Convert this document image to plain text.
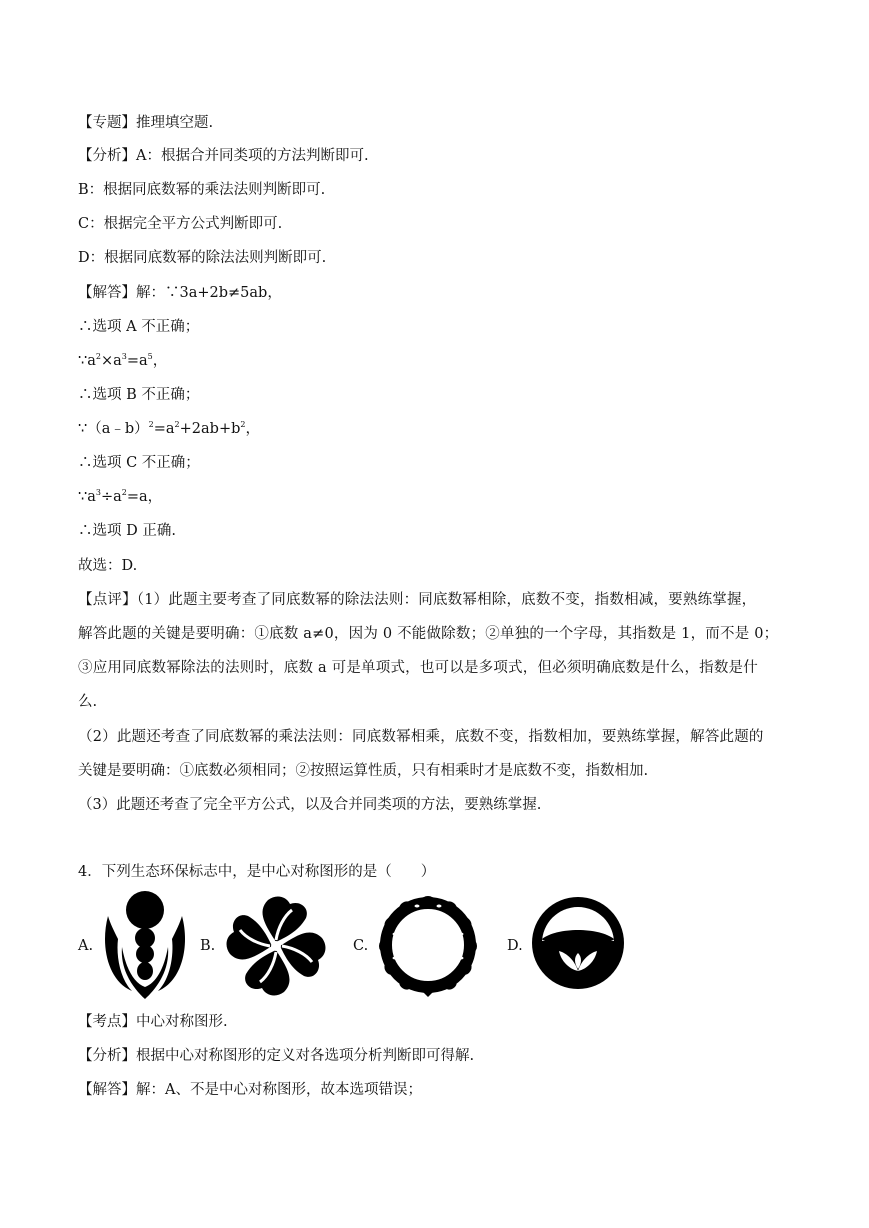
【专题】推理填空题.
【分析】A：根据合并同类项的方法判断即可.
B：根据同底数幂的乘法法则判断即可.
C：根据完全平方公式判断即可.
D：根据同底数幂的除法法则判断即可.
【解答】解：∵3a+2b≠5ab，
∴选项 A 不正确；
$\because a^2\times a^3=a^5$，
∴选项 B 不正确；
$\because(a﹣b)^2=a^2+2ab+b^2$，
∴选项 C 不正确；
$\because a^3\div a^2=a$，
∴选项 D 正确.
故选：D.
【点评】（1）此题主要考查了同底数幂的除法法则：同底数幂相除，底数不变，指数相减，要熟练掌握，
解答此题的关键是要明确：①底数 a≠0，因为 0 不能做除数；②单独的一个字母，其指数是 1，而不是 0；
③应用同底数幂除法的法则时，底数 a 可是单项式，也可以是多项式，但必须明确底数是什么，指数是什
么.
（2）此题还考查了同底数幂的乘法法则：同底数幂相乘，底数不变，指数相加，要熟练掌握，解答此题的
关键是要明确：①底数必须相同；②按照运算性质，只有相乘时才是底数不变，指数相加.
（3）此题还考查了完全平方公式，以及合并同类项的方法，要熟练掌握.
4．下列生态环保标志中，是中心对称图形的是（　　）
A.	B.	C.	D.
【考点】中心对称图形.
【分析】根据中心对称图形的定义对各选项分析判断即可得解.
【解答】解：A、不是中心对称图形，故本选项错误；
